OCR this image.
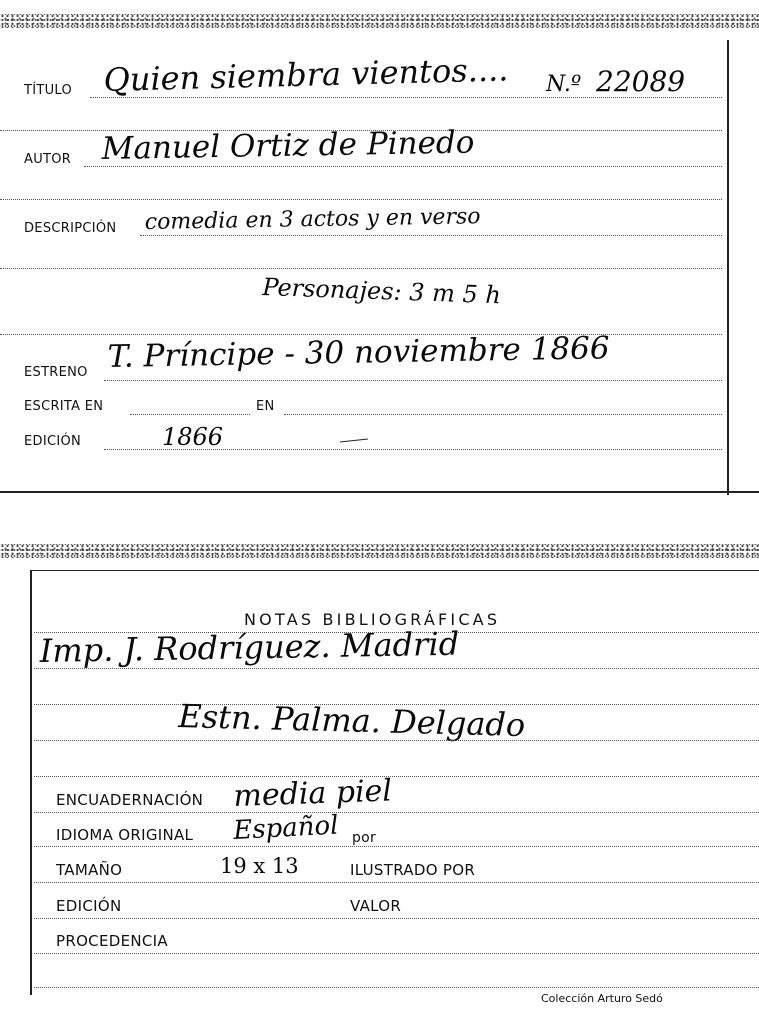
TÍTULO Quien siembra vientos.... N.º 22089
AUTOR Manuel Ortiz de Pinedo
DESCRIPCIÓN comedia en 3 actos y en verso
Personajes: 3 m 5 h
ESTRENO T. Príncipe - 30 noviembre 1866
ESCRITA EN	EN
EDICIÓN	1866
NOTAS BIBLIOGRÁFICAS
Imp. J. Rodríguez. Madrid
Estn. Palma. Delgado
ENCUADERNACIÓN media piel
IDIOMA ORIGINAL Español por
TAMAÑO	19 x 13	ILUSTRADO POR
EDICIÓN	VALOR
PROCEDENCIA
Colección Arturo Sedó
